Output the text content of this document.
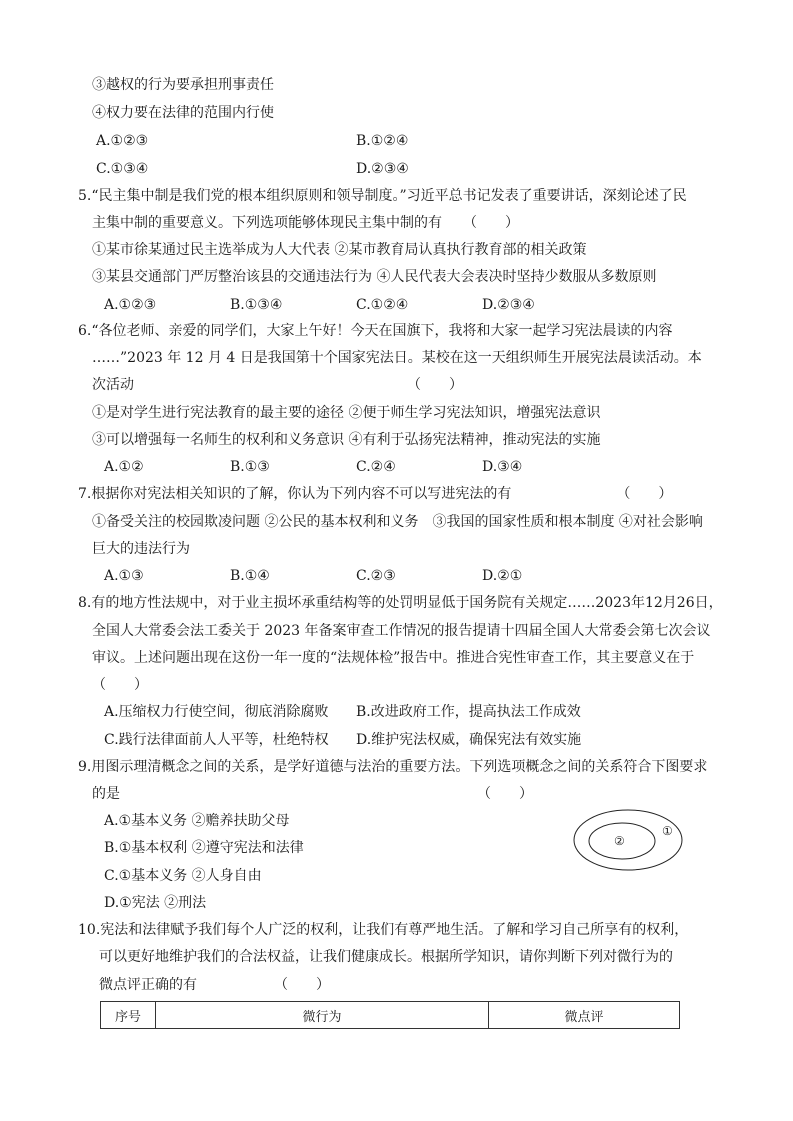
③越权的行为要承担刑事责任
④权力要在法律的范围内行使
A.①②③	B.①②④
C.①③④	D.②③④
5.“民主集中制是我们党的根本组织原则和领导制度。”习近平总书记发表了重要讲话，深刻论述了民
主集中制的重要意义。下列选项能够体现民主集中制的有　　（　　）
①某市徐某通过民主选举成为人大代表 ②某市教育局认真执行教育部的相关政策
③某县交通部门严厉整治该县的交通违法行为 ④人民代表大会表决时坚持少数服从多数原则
A.①②③	B.①③④	C.①②④	D.②③④
6.“各位老师、亲爱的同学们，大家上午好！今天在国旗下，我将和大家一起学习宪法晨读的内容
……”2023 年 12 月 4 日是我国第十个国家宪法日。某校在这一天组织师生开展宪法晨读活动。本
次活动　　　　　　　　　　　　　　　　　　　　（　　）
①是对学生进行宪法教育的最主要的途径 ②便于师生学习宪法知识，增强宪法意识
③可以增强每一名师生的权利和义务意识 ④有利于弘扬宪法精神，推动宪法的实施
A.①②	B.①③	C.②④	D.③④
7.根据你对宪法相关知识的了解，你认为下列内容不可以写进宪法的有　　　　　　　　（　　）
①备受关注的校园欺凌问题 ②公民的基本权利和义务　③我国的国家性质和根本制度 ④对社会影响
巨大的违法行为
A.①③	B.①④	C.②③	D.②①
8.有的地方性法规中，对于业主损坏承重结构等的处罚明显低于国务院有关规定……2023年12月26日，
全国人大常委会法工委关于 2023 年备案审查工作情况的报告提请十四届全国人大常委会第七次会议
审议。上述问题出现在这份一年一度的“法规体检”报告中。推进合宪性审查工作，其主要意义在于
（　　）
A.压缩权力行使空间，彻底消除腐败 B.改进政府工作，提高执法工作成效
C.践行法律面前人人平等，杜绝特权 D.维护宪法权威，确保宪法有效实施
9.用图示理清概念之间的关系，是学好道德与法治的重要方法。下列选项概念之间的关系符合下图要求
的是　　　　　　　　　　　　　　　　　　　　　　　　　　（　　）
A.①基本义务 ②赡养扶助父母
B.①基本权利 ②遵守宪法和法律
C.①基本义务 ②人身自由
D.①宪法 ②刑法
②
①
10.宪法和法律赋予我们每个人广泛的权利，让我们有尊严地生活。了解和学习自己所享有的权利，
可以更好地维护我们的合法权益，让我们健康成长。根据所学知识，请你判断下列对微行为的
微点评正确的有　　　　　　（　　）
序号	微行为	微点评
